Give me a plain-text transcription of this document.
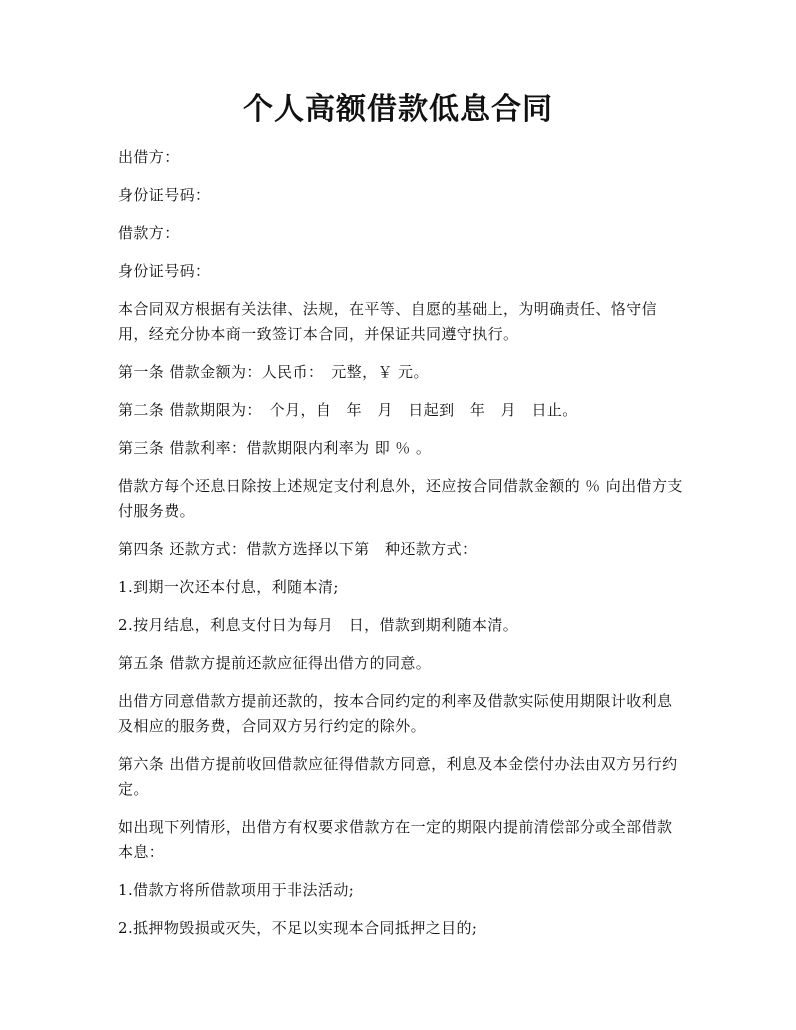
个人高额借款低息合同

出借方：

身份证号码：

借款方：

身份证号码：

本合同双方根据有关法律、法规，在平等、自愿的基础上，为明确责任、恪守信用，经充分协本商一致签订本合同，并保证共同遵守执行。

第一条 借款金额为：人民币：　元整，￥ 元。

第二条 借款期限为：　个月，自　年　月　日起到　年　月　日止。

第三条 借款利率：借款期限内利率为 即 ％ 。

借款方每个还息日除按上述规定支付利息外，还应按合同借款金额的 ％ 向出借方支付服务费。

第四条 还款方式：借款方选择以下第　种还款方式：

1.到期一次还本付息，利随本清;

2.按月结息，利息支付日为每月　日，借款到期利随本清。

第五条 借款方提前还款应征得出借方的同意。

出借方同意借款方提前还款的，按本合同约定的利率及借款实际使用期限计收利息及相应的服务费，合同双方另行约定的除外。

第六条 出借方提前收回借款应征得借款方同意，利息及本金偿付办法由双方另行约定。

如出现下列情形，出借方有权要求借款方在一定的期限内提前清偿部分或全部借款本息：

1.借款方将所借款项用于非法活动;

2.抵押物毁损或灭失，不足以实现本合同抵押之目的;
